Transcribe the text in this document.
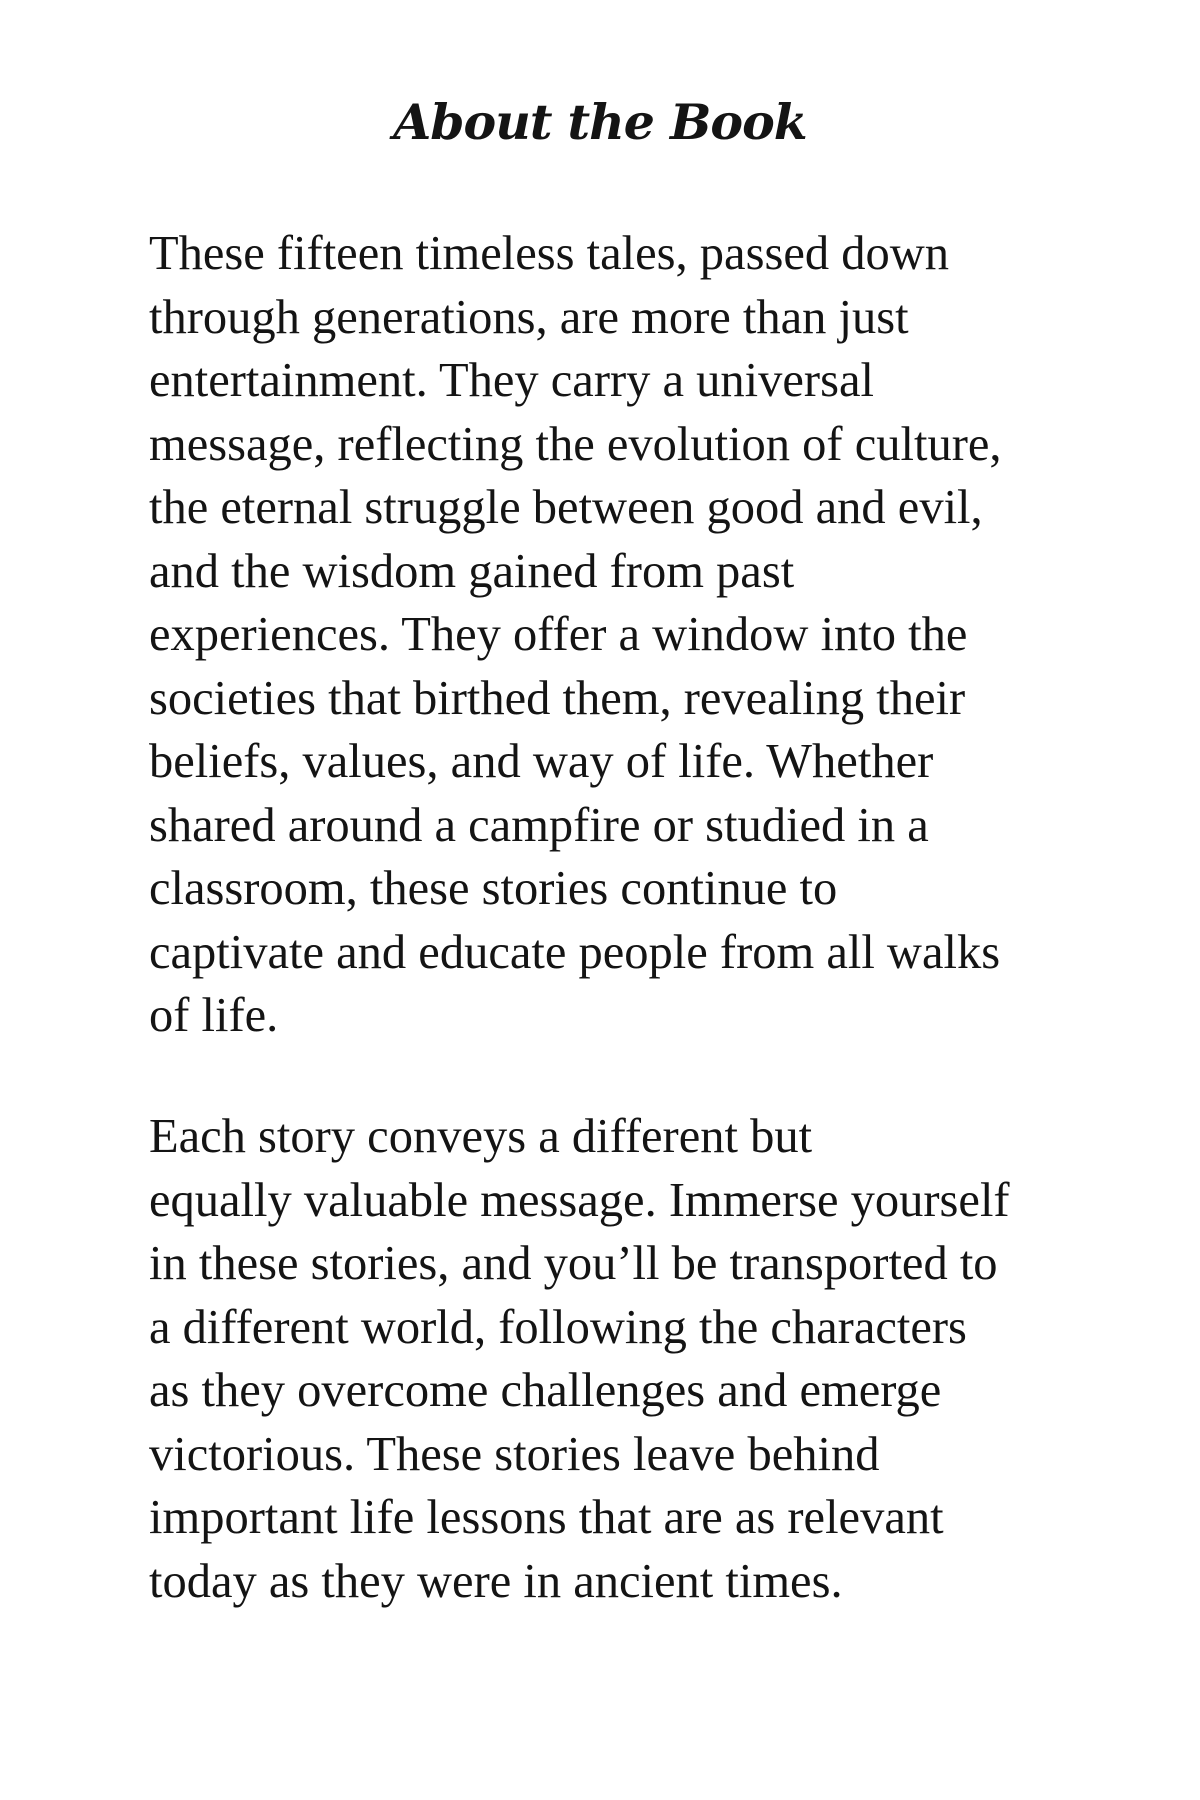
About the Book

These fifteen timeless tales, passed down
through generations, are more than just
entertainment. They carry a universal
message, reflecting the evolution of culture,
the eternal struggle between good and evil,
and the wisdom gained from past
experiences. They offer a window into the
societies that birthed them, revealing their
beliefs, values, and way of life. Whether
shared around a campfire or studied in a
classroom, these stories continue to
captivate and educate people from all walks
of life.

Each story conveys a different but
equally valuable message. Immerse yourself
in these stories, and you’ll be transported to
a different world, following the characters
as they overcome challenges and emerge
victorious. These stories leave behind
important life lessons that are as relevant
today as they were in ancient times.
